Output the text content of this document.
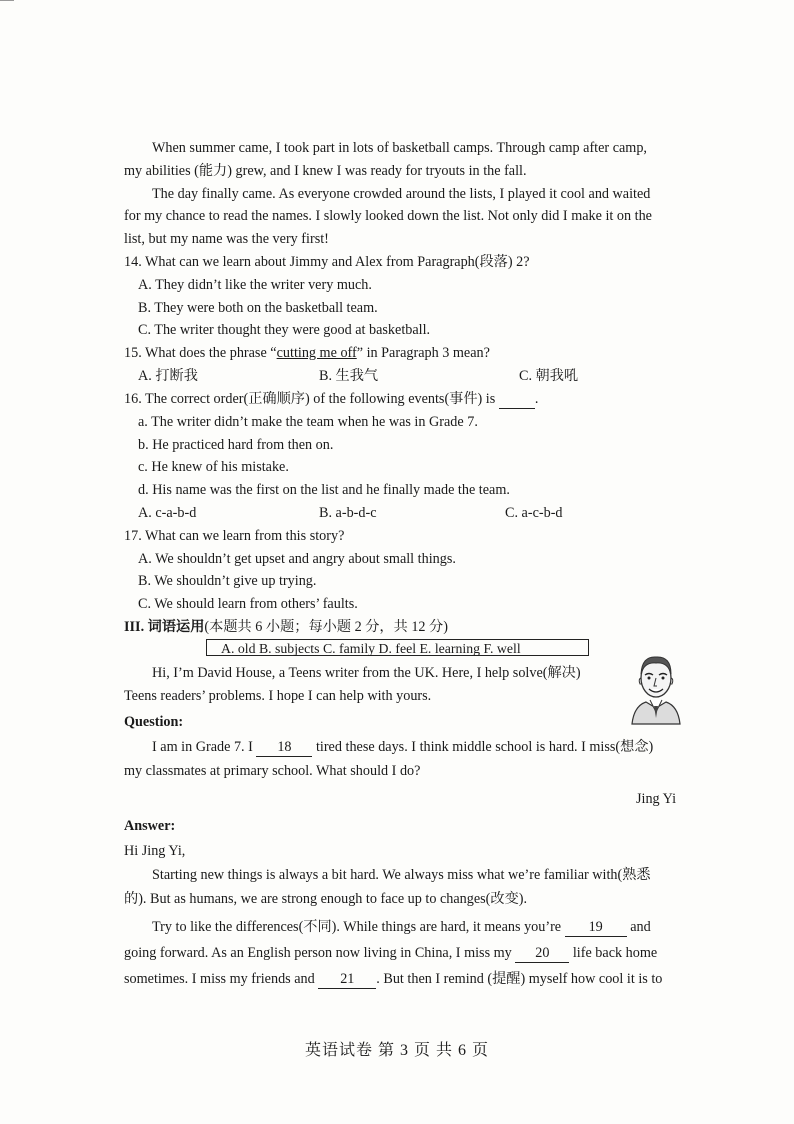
When summer came, I took part in lots of basketball camps. Through camp after camp,
my abilities (能力) grew, and I knew I was ready for tryouts in the fall.
The day finally came. As everyone crowded around the lists, I played it cool and waited
for my chance to read the names. I slowly looked down the list. Not only did I make it on the
list, but my name was the very first!
14. What can we learn about Jimmy and Alex from Paragraph(段落) 2?
A. They didn’t like the writer very much.
B. They were both on the basketball team.
C. The writer thought they were good at basketball.
15. What does the phrase “cutting me off” in Paragraph 3 mean?
A. 打断我	B. 生我气	C. 朝我吼
16. The correct order(正确顺序) of the following events(事件) is	.
a. The writer didn’t make the team when he was in Grade 7.
b. He practiced hard from then on.
c. He knew of his mistake.
d. His name was the first on the list and he finally made the team.
A. c-a-b-d	B. a-b-d-c	C. a-c-b-d
17. What can we learn from this story?
A. We shouldn’t get upset and angry about small things.
B. We shouldn’t give up trying.
C. We should learn from others’ faults.
III. 词语运用(本题共 6 小题；每小题 2 分，共 12 分)
A. old B. subjects C. family D. feel E. learning F. well
Hi, I’m David House, a Teens writer from the UK. Here, I help solve(解决)
Teens readers’ problems. I hope I can help with yours.
Question:
I am in Grade 7. I 18 tired these days. I think middle school is hard. I miss(想念)
my classmates at primary school. What should I do?
Jing Yi
Answer:
Hi Jing Yi,
Starting new things is always a bit hard. We always miss what we’re familiar with(熟悉
的). But as humans, we are strong enough to face up to changes(改变).
Try to like the differences(不同). While things are hard, it means you’re 19 and
going forward. As an English person now living in China, I miss my 20 life back home
sometimes. I miss my friends and 21 . But then I remind (提醒) myself how cool it is to
英语试卷 第 3 页 共 6 页
